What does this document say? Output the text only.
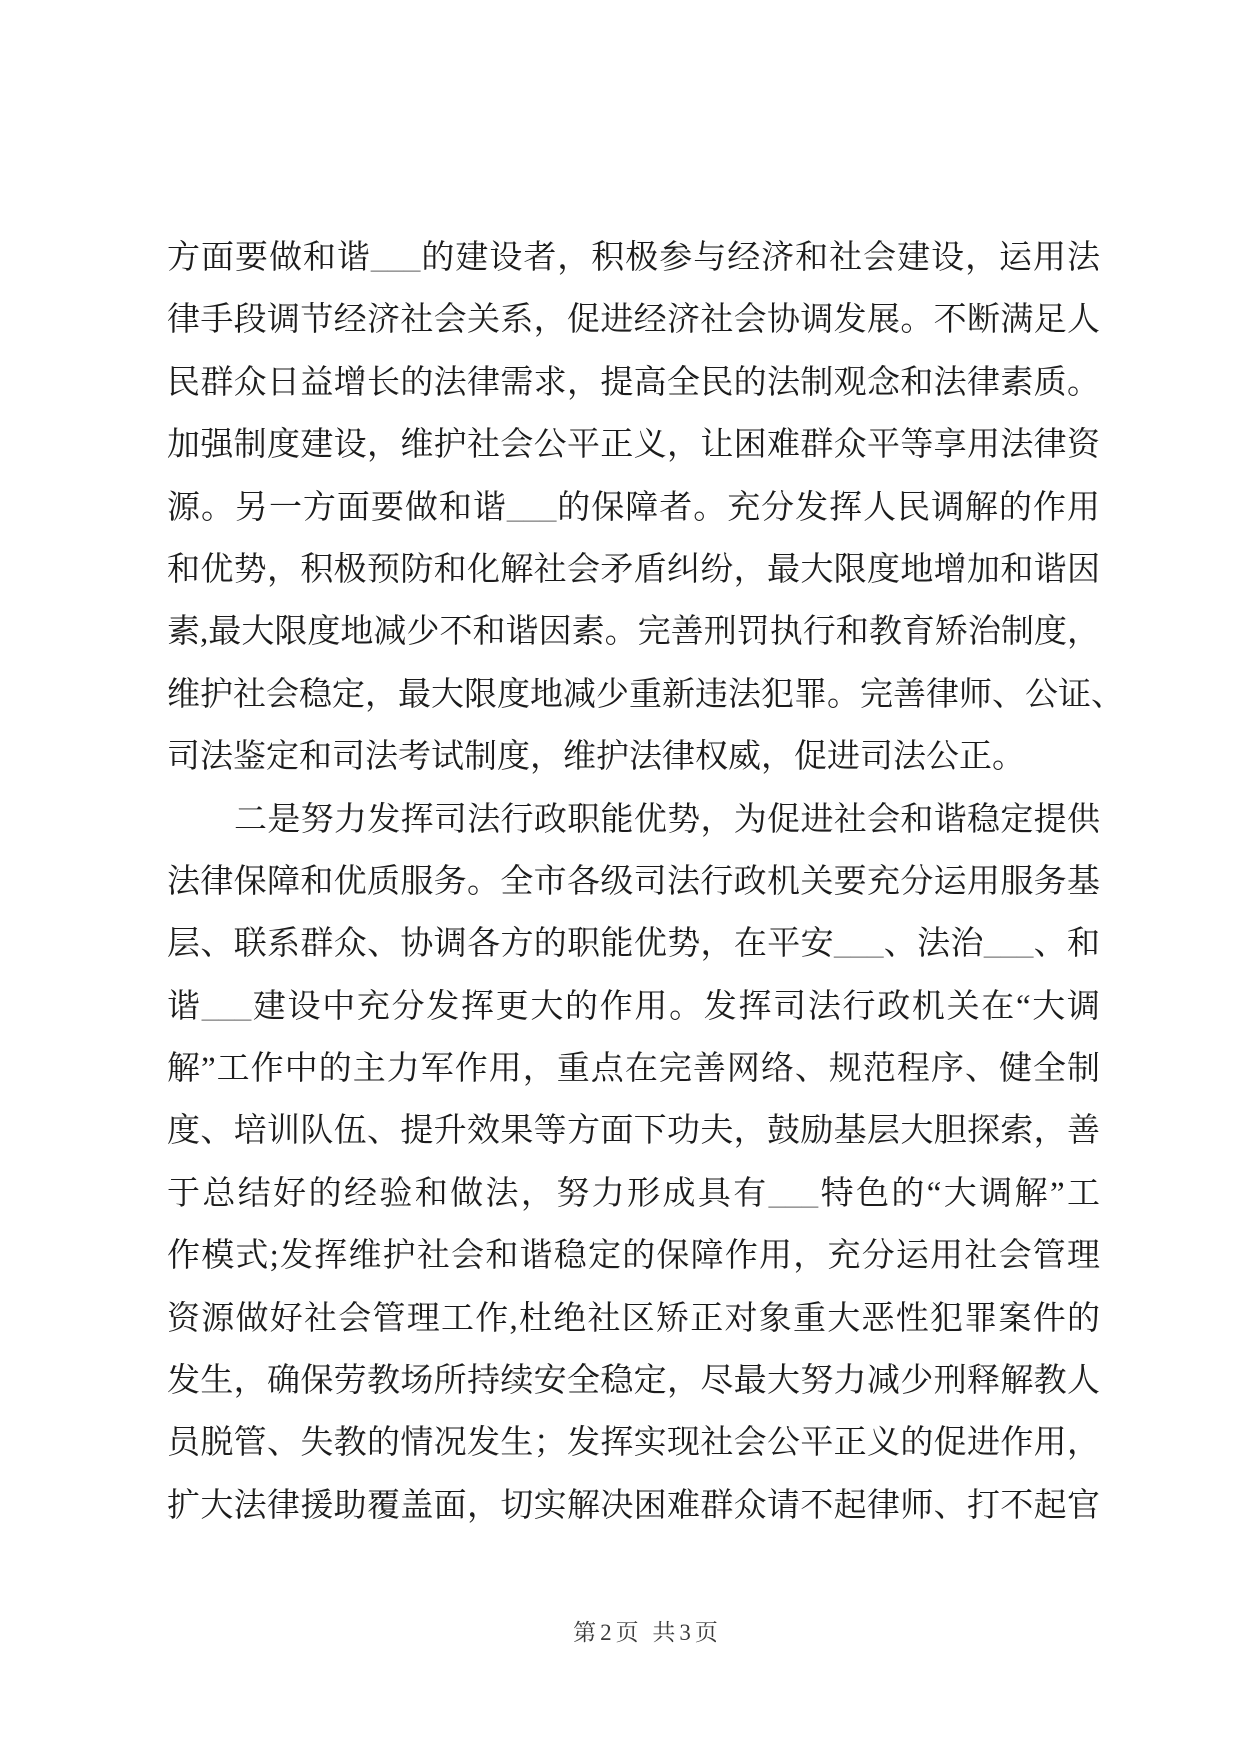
方面要做和谐___的建设者，积极参与经济和社会建设，运用法
律手段调节经济社会关系，促进经济社会协调发展。不断满足人
民群众日益增长的法律需求，提高全民的法制观念和法律素质。
加强制度建设，维护社会公平正义，让困难群众平等享用法律资
源。另一方面要做和谐___的保障者。充分发挥人民调解的作用
和优势，积极预防和化解社会矛盾纠纷，最大限度地增加和谐因
素,最大限度地减少不和谐因素。完善刑罚执行和教育矫治制度，
维护社会稳定，最大限度地减少重新违法犯罪。完善律师、公证、
司法鉴定和司法考试制度，维护法律权威，促进司法公正。
二是努力发挥司法行政职能优势，为促进社会和谐稳定提供
法律保障和优质服务。全市各级司法行政机关要充分运用服务基
层、联系群众、协调各方的职能优势，在平安___、法治___、和
谐___建设中充分发挥更大的作用。发挥司法行政机关在“大调
解”工作中的主力军作用，重点在完善网络、规范程序、健全制
度、培训队伍、提升效果等方面下功夫，鼓励基层大胆探索，善
于总结好的经验和做法，努力形成具有___特色的“大调解”工
作模式;发挥维护社会和谐稳定的保障作用，充分运用社会管理
资源做好社会管理工作,杜绝社区矫正对象重大恶性犯罪案件的
发生，确保劳教场所持续安全稳定，尽最大努力减少刑释解教人
员脱管、失教的情况发生；发挥实现社会公平正义的促进作用，
扩大法律援助覆盖面，切实解决困难群众请不起律师、打不起官
第2页 共3页
